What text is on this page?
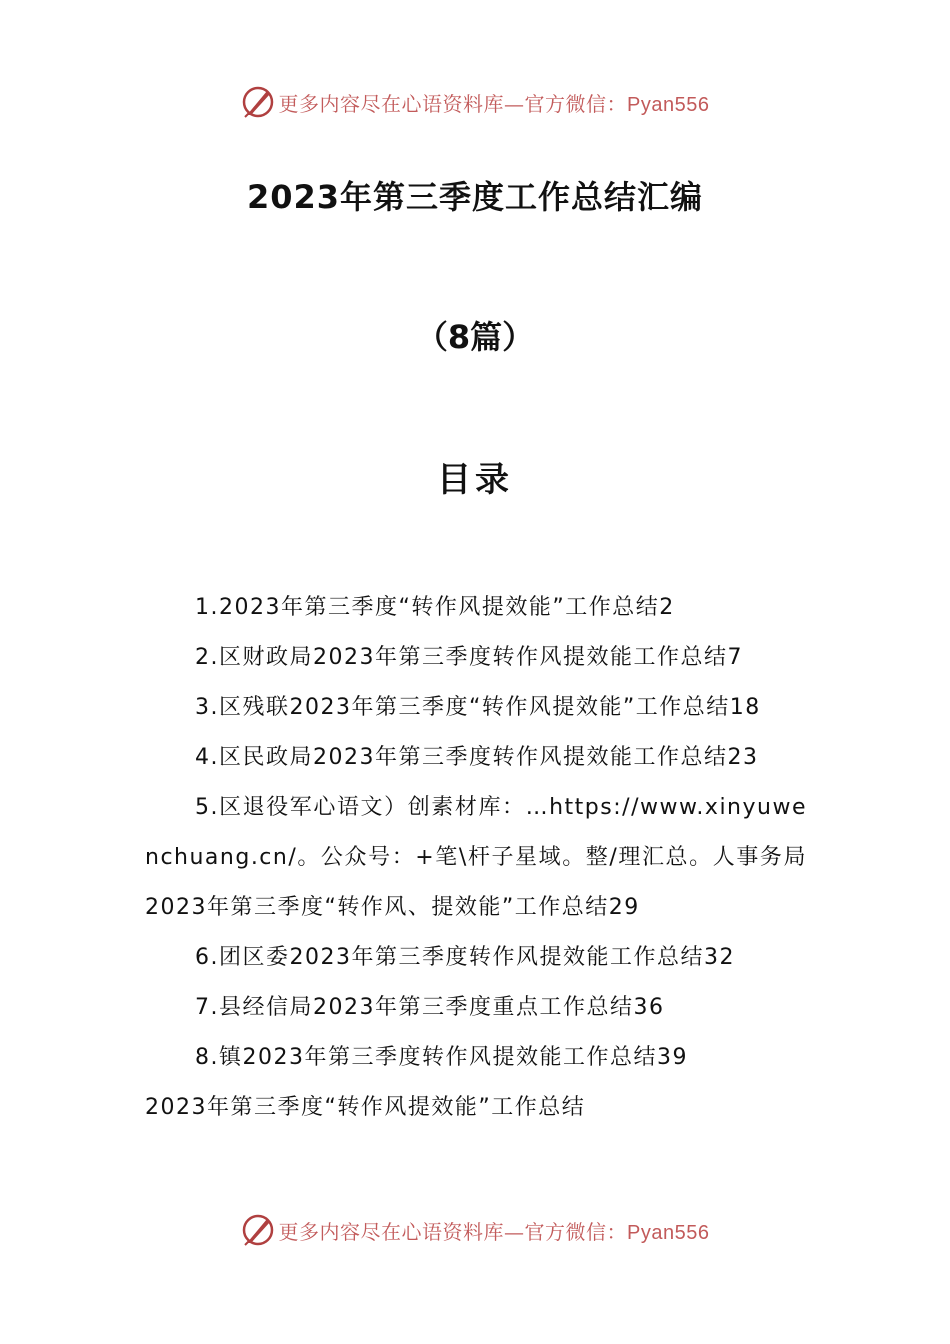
更多内容尽在心语资料库—官方微信：Pyan556
2023年第三季度工作总结汇编
（8篇）
目录

1.2023年第三季度“转作风提效能”工作总结2

2.区财政局2023年第三季度转作风提效能工作总结7

3.区残联2023年第三季度“转作风提效能”工作总结18

4.区民政局2023年第三季度转作风提效能工作总结23

5.区退役军心语文）创素材库：…https://www.xinyuwenchuang.cn/。公众号：+笔\杆子星域。整/理汇总。人事务局2023年第三季度“转作风、提效能”工作总结29

6.团区委2023年第三季度转作风提效能工作总结32

7.县经信局2023年第三季度重点工作总结36

8.镇2023年第三季度转作风提效能工作总结39

2023年第三季度“转作风提效能”工作总结

更多内容尽在心语资料库—官方微信：Pyan556
